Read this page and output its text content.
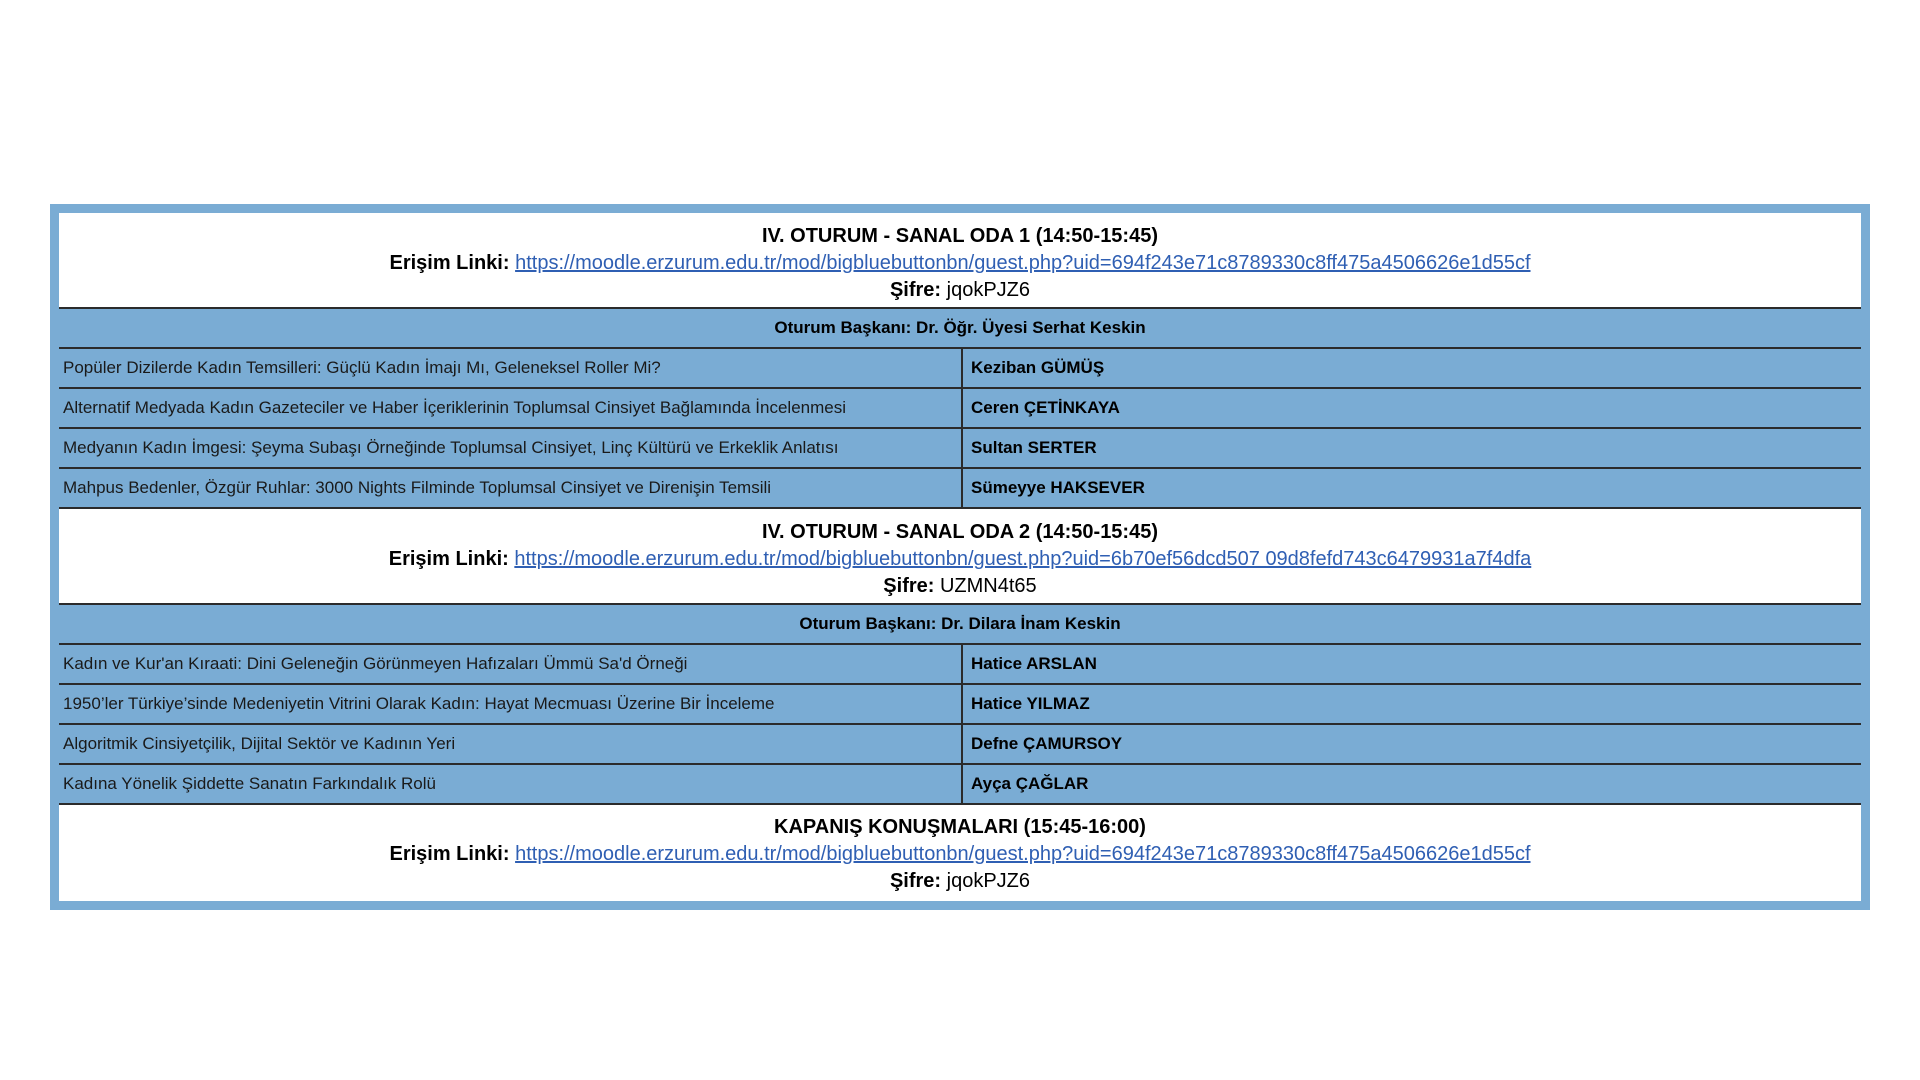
IV. OTURUM - SANAL ODA 1 (14:50-15:45)
Erişim Linki: https://moodle.erzurum.edu.tr/mod/bigbluebuttonbn/guest.php?uid=694f243e71c8789330c8ff475a4506626e1d55cf
Şifre: jqokPJZ6
Oturum Başkanı: Dr. Öğr. Üyesi Serhat Keskin
Popüler Dizilerde Kadın Temsilleri: Güçlü Kadın İmajı Mı, Geleneksel Roller Mi?	Keziban GÜMÜŞ
Alternatif Medyada Kadın Gazeteciler ve Haber İçeriklerinin Toplumsal Cinsiyet Bağlamında İncelenmesi	Ceren ÇETİNKAYA
Medyanın Kadın İmgesi: Şeyma Subaşı Örneğinde Toplumsal Cinsiyet, Linç Kültürü ve Erkeklik Anlatısı	Sultan SERTER
Mahpus Bedenler, Özgür Ruhlar: 3000 Nights Filminde Toplumsal Cinsiyet ve Direnişin Temsili	Sümeyye HAKSEVER
IV. OTURUM - SANAL ODA 2 (14:50-15:45)
Erişim Linki: https://moodle.erzurum.edu.tr/mod/bigbluebuttonbn/guest.php?uid=6b70ef56dcd507 09d8fefd743c6479931a7f4dfa
Şifre: UZMN4t65
Oturum Başkanı: Dr. Dilara İnam Keskin
Kadın ve Kur'an Kıraati: Dini Geleneğin Görünmeyen Hafızaları Ümmü Sa'd Örneği	Hatice ARSLAN
1950’ler Türkiye’sinde Medeniyetin Vitrini Olarak Kadın: Hayat Mecmuası Üzerine Bir İnceleme	Hatice YILMAZ
Algoritmik Cinsiyetçilik, Dijital Sektör ve Kadının Yeri	Defne ÇAMURSOY
Kadına Yönelik Şiddette Sanatın Farkındalık Rolü	Ayça ÇAĞLAR
KAPANIŞ KONUŞMALARI (15:45-16:00)
Erişim Linki: https://moodle.erzurum.edu.tr/mod/bigbluebuttonbn/guest.php?uid=694f243e71c8789330c8ff475a4506626e1d55cf
Şifre: jqokPJZ6
